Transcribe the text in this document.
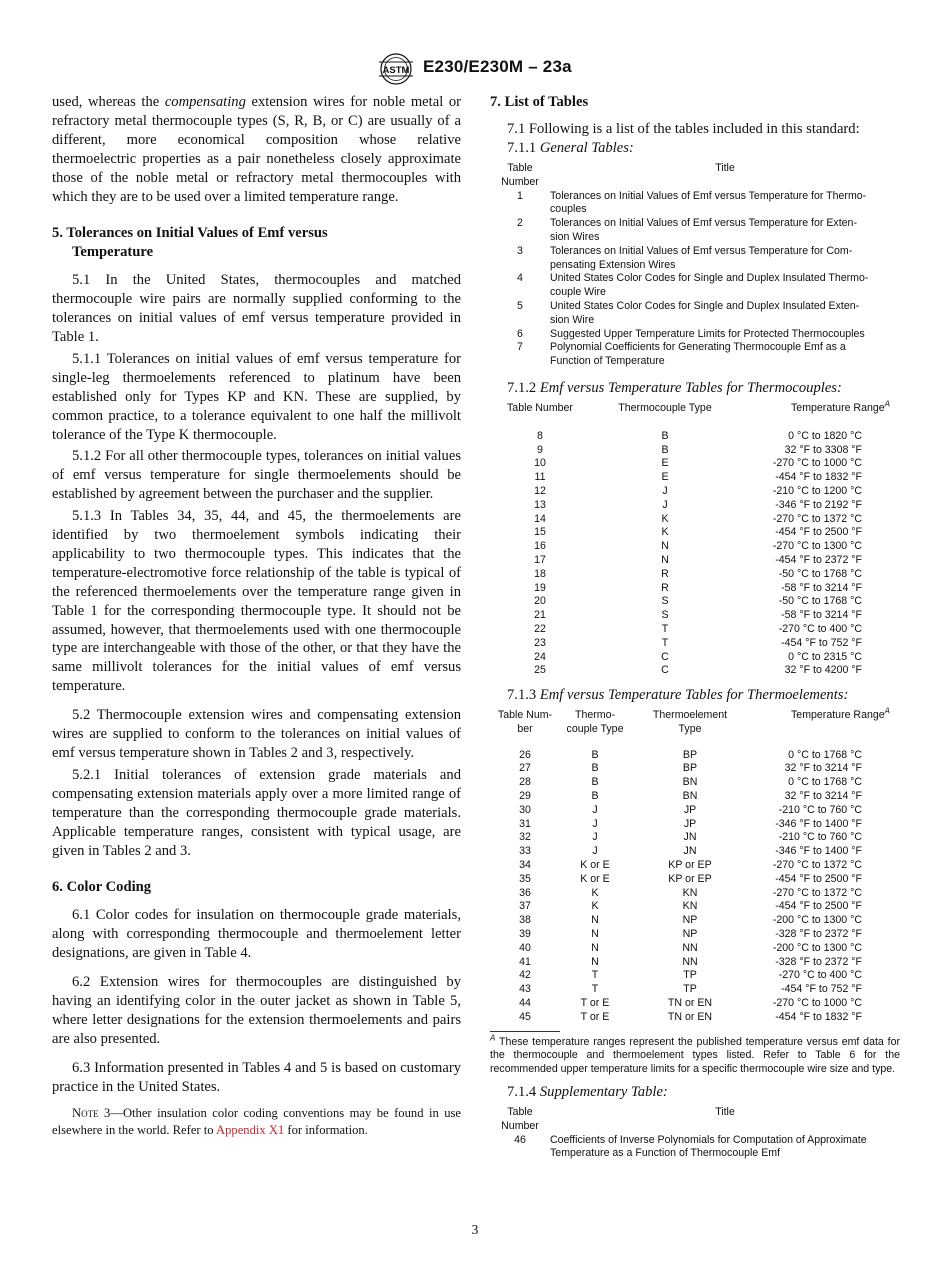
ASTM E230/E230M – 23a

used, whereas the compensating extension wires for noble metal or refractory metal thermocouple types (S, R, B, or C) are usually of a different, more economical composition whose relative thermoelectric properties as a pair nonetheless closely approximate those of the noble metal or refractory metal thermocouples with which they are to be used over a limited temperature range.

5. Tolerances on Initial Values of Emf versus
Temperature

5.1 In the United States, thermocouples and matched thermocouple wire pairs are normally supplied conforming to the tolerances on initial values of emf versus temperature provided in Table 1.

5.1.1 Tolerances on initial values of emf versus temperature for single-leg thermoelements referenced to platinum have been established only for Types KP and KN. These are supplied, by common practice, to a tolerance equivalent to one half the millivolt tolerance of the Type K thermocouple.

5.1.2 For all other thermocouple types, tolerances on initial values of emf versus temperature for single thermoelements should be established by agreement between the purchaser and the supplier.

5.1.3 In Tables 34, 35, 44, and 45, the thermoelements are identified by two thermoelement symbols indicating their applicability to two thermocouple types. This indicates that the temperature-electromotive force relationship of the table is typical of the referenced thermoelements over the temperature range given in Table 1 for the corresponding thermocouple type. It should not be assumed, however, that thermoelements used with one thermocouple type are interchangeable with those of the other, or that they have the same millivolt tolerances for the initial values of emf versus temperature.

5.2 Thermocouple extension wires and compensating extension wires are supplied to conform to the tolerances on initial values of emf versus temperature shown in Tables 2 and 3, respectively.

5.2.1 Initial tolerances of extension grade materials and compensating extension materials apply over a more limited range of temperature than the corresponding thermocouple grade materials. Applicable temperature ranges, consistent with typical usage, are given in Tables 2 and 3.

6. Color Coding

6.1 Color codes for insulation on thermocouple grade materials, along with corresponding thermocouple and thermoelement letter designations, are given in Table 4.

6.2 Extension wires for thermocouples are distinguished by having an identifying color in the outer jacket as shown in Table 5, where letter designations for the extension thermoelements and pairs are also presented.

6.3 Information presented in Tables 4 and 5 is based on customary practice in the United States.

Note 3—Other insulation color coding conventions may be found in use elsewhere in the world. Refer to Appendix X1 for information.

7. List of Tables
7.1 Following is a list of the tables included in this standard:
7.1.1 General Tables:
Table
Number	Title
1	Tolerances on Initial Values of Emf versus Temperature for Thermo-
couples
2	Tolerances on Initial Values of Emf versus Temperature for Exten-
sion Wires
3	Tolerances on Initial Values of Emf versus Temperature for Com-
pensating Extension Wires
4	United States Color Codes for Single and Duplex Insulated Thermo-
couple Wire
5	United States Color Codes for Single and Duplex Insulated Exten-
sion Wire
6	Suggested Upper Temperature Limits for Protected Thermocouples
7	Polynomial Coefficients for Generating Thermocouple Emf as a
Function of Temperature
7.1.2 Emf versus Temperature Tables for Thermocouples:
Table Number	Thermocouple Type	Temperature Range$^A$

8	B	0 °C to 1820 °C
9	B	32 °F to 3308 °F
10	E	-270 °C to 1000 °C
11	E	-454 °F to 1832 °F
12	J	-210 °C to 1200 °C
13	J	-346 °F to 2192 °F
14	K	-270 °C to 1372 °C
15	K	-454 °F to 2500 °F
16	N	-270 °C to 1300 °C
17	N	-454 °F to 2372 °F
18	R	-50 °C to 1768 °C
19	R	-58 °F to 3214 °F
20	S	-50 °C to 1768 °C
21	S	-58 °F to 3214 °F
22	T	-270 °C to 400 °C
23	T	-454 °F to 752 °F
24	C	0 °C to 2315 °C
25	C	32 °F to 4200 °F
7.1.3 Emf versus Temperature Tables for Thermoelements:
Table Num-
ber	Thermo-
couple Type	Thermoelement
Type	Temperature Range$^A$

26	B	BP	0 °C to 1768 °C
27	B	BP	32 °F to 3214 °F
28	B	BN	0 °C to 1768 °C
29	B	BN	32 °F to 3214 °F
30	J	JP	-210 °C to 760 °C
31	J	JP	-346 °F to 1400 °F
32	J	JN	-210 °C to 760 °C
33	J	JN	-346 °F to 1400 °F
34	K or E	KP or EP	-270 °C to 1372 °C
35	K or E	KP or EP	-454 °F to 2500 °F
36	K	KN	-270 °C to 1372 °C
37	K	KN	-454 °F to 2500 °F
38	N	NP	-200 °C to 1300 °C
39	N	NP	-328 °F to 2372 °F
40	N	NN	-200 °C to 1300 °C
41	N	NN	-328 °F to 2372 °F
42	T	TP	-270 °C to 400 °C
43	T	TP	-454 °F to 752 °F
44	T or E	TN or EN	-270 °C to 1000 °C
45	T or E	TN or EN	-454 °F to 1832 °F
$^A$ These temperature ranges represent the published temperature versus emf data for the thermocouple and thermoelement types listed. Refer to Table 6 for the recommended upper temperature limits for a specific thermocouple wire size and type.
7.1.4 Supplementary Table:
Table
Number	Title
46	Coefficients of Inverse Polynomials for Computation of Approximate
Temperature as a Function of Thermocouple Emf
3
